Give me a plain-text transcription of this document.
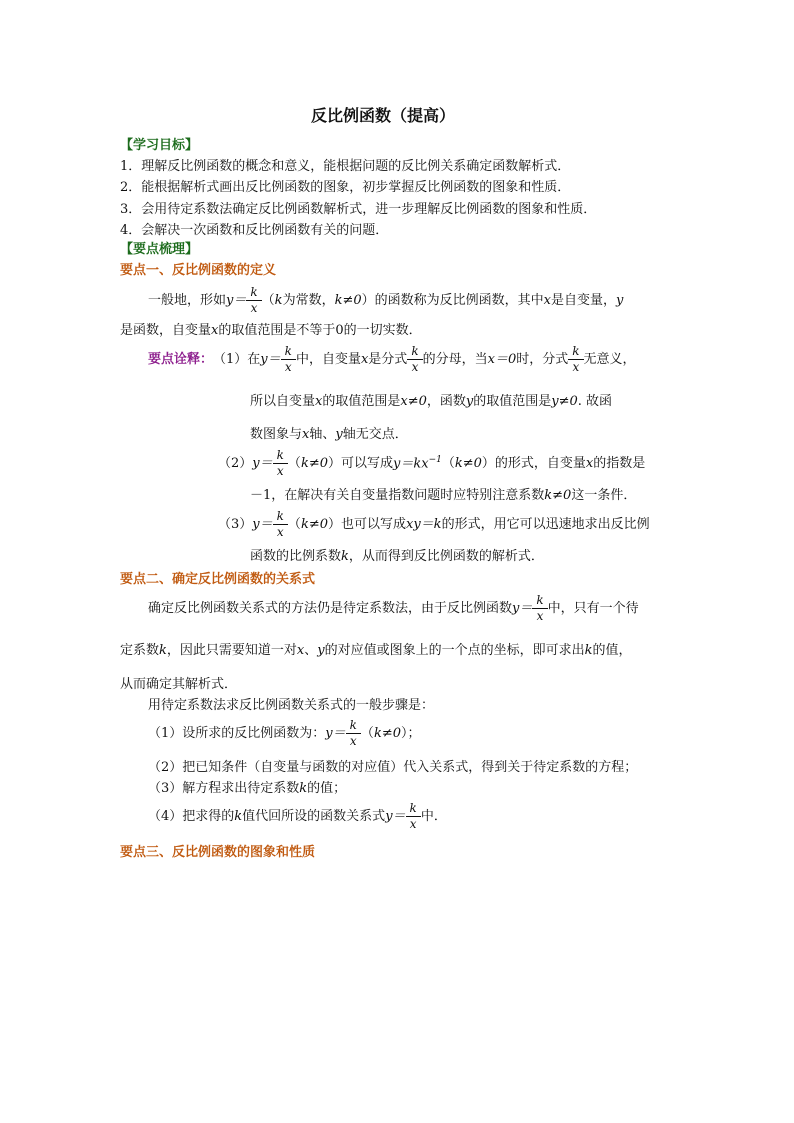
反比例函数（提高）
【学习目标】
1．理解反比例函数的概念和意义，能根据问题的反比例关系确定函数解析式．
2．能根据解析式画出反比例函数的图象，初步掌握反比例函数的图象和性质．
3．会用待定系数法确定反比例函数解析式，进一步理解反比例函数的图象和性质．
4．会解决一次函数和反比例函数有关的问题．
【要点梳理】
要点一、反比例函数的定义
一般地，形如 $y= \frac{k}{x}$ （ k 为常数， k≠0 ）的函数称为反比例函数，其中 x 是自变量， y
是函数，自变量x的取值范围是不等于0的一切实数．
要点诠释： （1）在 $y= \frac{k}{x}$ 中，自变量 x 是分式 $\frac{k}{x}$ 的分母，当 x＝0 时，分式 $\frac{k}{x}$ 无意义，
所以自变量x的取值范围是x≠0，函数y的取值范围是y≠0. 故函
数图象与x轴、y轴无交点．
（2） $y= \frac{k}{x}$ （ k≠0 ）可以写成 $y=kx^{-1}$ （ k≠0 ）的形式，自变量 x 的指数是
－1，在解决有关自变量指数问题时应特别注意系数k≠0这一条件．
（3） $y= \frac{k}{x}$ （ k≠0 ）也可以写成 xy＝k 的形式，用它可以迅速地求出反比例
函数的比例系数k，从而得到反比例函数的解析式．
要点二、确定反比例函数的关系式
确定反比例函数关系式的方法仍是待定系数法，由于反比例函数 $y= \frac{k}{x}$ 中，只有一个待
定系数k，因此只需要知道一对x、y的对应值或图象上的一个点的坐标，即可求出k的值，
从而确定其解析式．
用待定系数法求反比例函数关系式的一般步骤是：
（1）设所求的反比例函数为： $y= \frac{k}{x}$ （ k≠0 ）；
（2）把已知条件（自变量与函数的对应值）代入关系式，得到关于待定系数的方程；
（3）解方程求出待定系数k的值；
（4）把求得的 k 值代回所设的函数关系式 $y= \frac{k}{x}$ 中．
要点三、反比例函数的图象和性质
